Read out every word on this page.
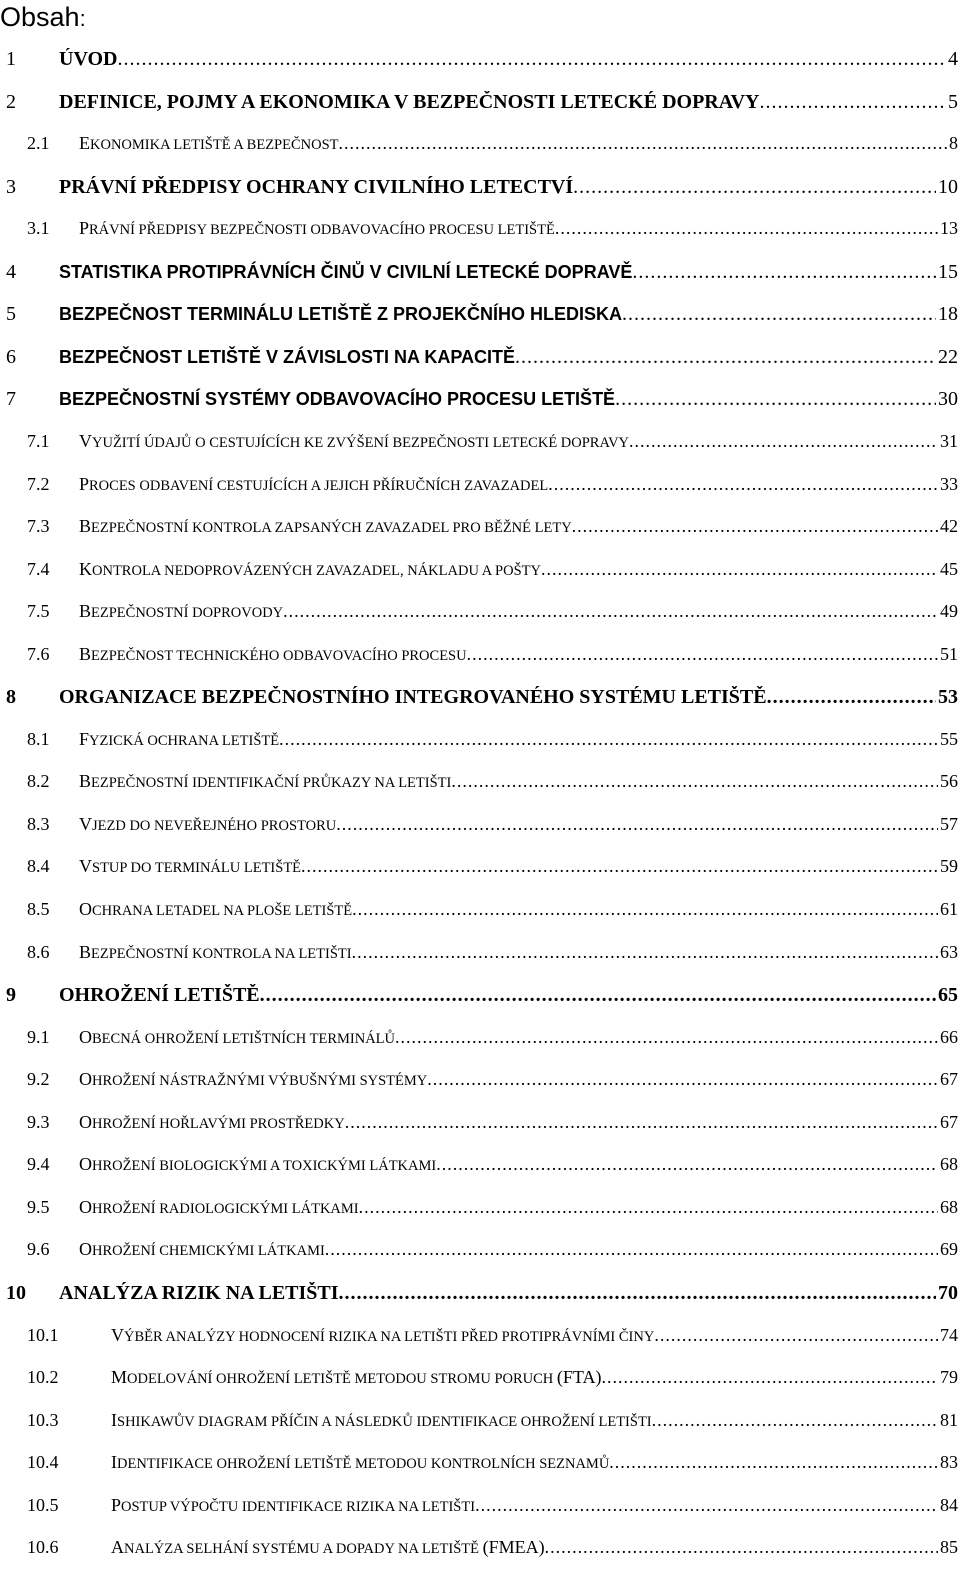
Obsah:
1	ÚVOD .....	4
2	DEFINICE, POJMY A EKONOMIKA V BEZPEČNOSTI LETECKÉ DOPRAVY .....	5
2.1	EKONOMIKA LETIŠTĚ A BEZPEČNOST .....	8
3	PRÁVNÍ PŘEDPISY OCHRANY CIVILNÍHO LETECTVÍ .....	10
3.1	PRÁVNÍ PŘEDPISY BEZPEČNOSTI ODBAVOVACÍHO PROCESU LETIŠTĚ .....	13
4	STATISTIKA PROTIPRÁVNÍCH ČINŮ V CIVILNÍ LETECKÉ DOPRAVĚ .....	15
5	BEZPEČNOST TERMINÁLU LETIŠTĚ Z PROJEKČNÍHO HLEDISKA .....	18
6	BEZPEČNOST LETIŠTĚ V ZÁVISLOSTI NA KAPACITĚ .....	22
7	BEZPEČNOSTNÍ SYSTÉMY ODBAVOVACÍHO PROCESU LETIŠTĚ .....	30
7.1	VYUŽITÍ ÚDAJŮ O CESTUJÍCÍCH KE ZVÝŠENÍ BEZPEČNOSTI LETECKÉ DOPRAVY .....	31
7.2	PROCES ODBAVENÍ CESTUJÍCÍCH A JEJICH PŘÍRUČNÍCH ZAVAZADEL .....	33
7.3	BEZPEČNOSTNÍ KONTROLA ZAPSANÝCH ZAVAZADEL PRO BĚŽNÉ LETY .....	42
7.4	KONTROLA NEDOPROVÁZENÝCH ZAVAZADEL, NÁKLADU A POŠTY .....	45
7.5	BEZPEČNOSTNÍ DOPROVODY .....	49
7.6	BEZPEČNOST TECHNICKÉHO ODBAVOVACÍHO PROCESU .....	51
8	ORGANIZACE BEZPEČNOSTNÍHO INTEGROVANÉHO SYSTÉMU LETIŠTĚ .....	53
8.1	FYZICKÁ OCHRANA LETIŠTĚ .....	55
8.2	BEZPEČNOSTNÍ IDENTIFIKAČNÍ PRŮKAZY NA LETIŠTI .....	56
8.3	VJEZD DO NEVEŘEJNÉHO PROSTORU .....	57
8.4	VSTUP DO TERMINÁLU LETIŠTĚ .....	59
8.5	OCHRANA LETADEL NA PLOŠE LETIŠTĚ .....	61
8.6	BEZPEČNOSTNÍ KONTROLA NA LETIŠTI .....	63
9	OHROŽENÍ LETIŠTĚ .....	65
9.1	OBECNÁ OHROŽENÍ LETIŠTNÍCH TERMINÁLŮ .....	66
9.2	OHROŽENÍ NÁSTRAŽNÝMI VÝBUŠNÝMI SYSTÉMY .....	67
9.3	OHROŽENÍ HOŘLAVÝMI PROSTŘEDKY .....	67
9.4	OHROŽENÍ BIOLOGICKÝMI A TOXICKÝMI LÁTKAMI .....	68
9.5	OHROŽENÍ RADIOLOGICKÝMI LÁTKAMI .....	68
9.6	OHROŽENÍ CHEMICKÝMI LÁTKAMI .....	69
10	ANALÝZA RIZIK NA LETIŠTI .....	70
10.1	VÝBĚR ANALÝZY HODNOCENÍ RIZIKA NA LETIŠTI PŘED PROTIPRÁVNÍMI ČINY .....	74
10.2	MODELOVÁNÍ OHROŽENÍ LETIŠTĚ METODOU STROMU PORUCH (FTA) .....	79
10.3	ISHIKAWŮV DIAGRAM PŘÍČIN A NÁSLEDKŮ IDENTIFIKACE OHROŽENÍ LETIŠTI .....	81
10.4	IDENTIFIKACE OHROŽENÍ LETIŠTĚ METODOU KONTROLNÍCH SEZNAMŮ .....	83
10.5	POSTUP VÝPOČTU IDENTIFIKACE RIZIKA NA LETIŠTI .....	84
10.6	ANALÝZA SELHÁNÍ SYSTÉMU A DOPADY NA LETIŠTĚ (FMEA) .....	85
